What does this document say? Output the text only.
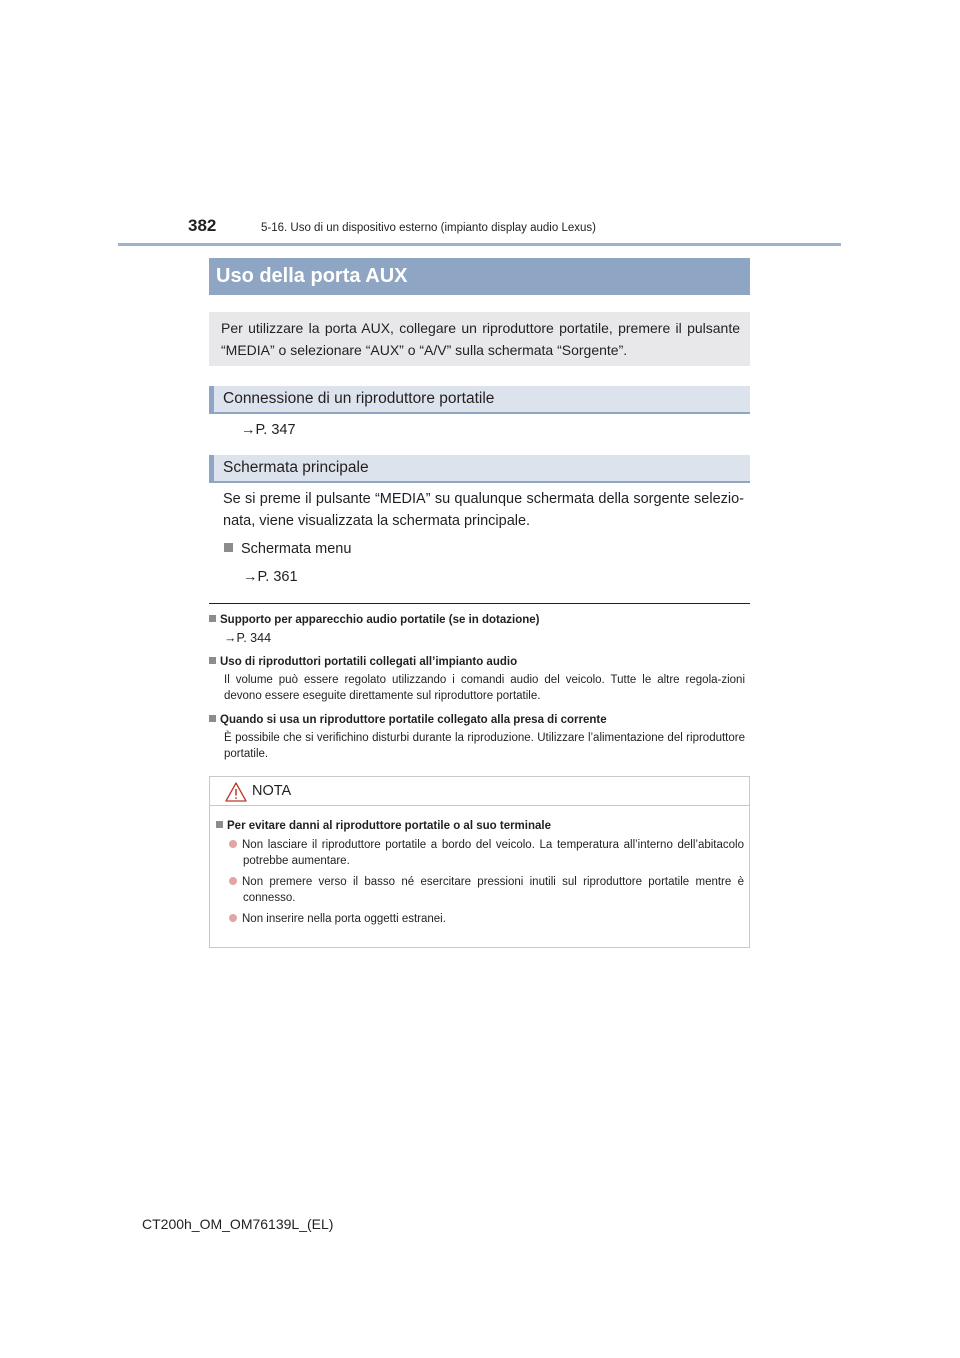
382	5-16. Uso di un dispositivo esterno (impianto display audio Lexus)
Uso della porta AUX
Per utilizzare la porta AUX, collegare un riproduttore portatile, premere il pulsante “MEDIA” o selezionare “AUX” o “A/V” sulla schermata “Sorgente”.
Connessione di un riproduttore portatile
→P. 347
Schermata principale
Se si preme il pulsante “MEDIA” su qualunque schermata della sorgente selezio-nata, viene visualizzata la schermata principale.
Schermata menu
→P. 361
Supporto per apparecchio audio portatile (se in dotazione)
→P. 344
Uso di riproduttori portatili collegati all’impianto audio
Il volume può essere regolato utilizzando i comandi audio del veicolo. Tutte le altre regola-zioni devono essere eseguite direttamente sul riproduttore portatile.
Quando si usa un riproduttore portatile collegato alla presa di corrente
È possibile che si verifichino disturbi durante la riproduzione. Utilizzare l’alimentazione del riproduttore portatile.
NOTA
Per evitare danni al riproduttore portatile o al suo terminale
Non lasciare il riproduttore portatile a bordo del veicolo. La temperatura all’interno dell’abitacolo potrebbe aumentare.
Non premere verso il basso né esercitare pressioni inutili sul riproduttore portatile mentre è connesso.
Non inserire nella porta oggetti estranei.
CT200h_OM_OM76139L_(EL)
